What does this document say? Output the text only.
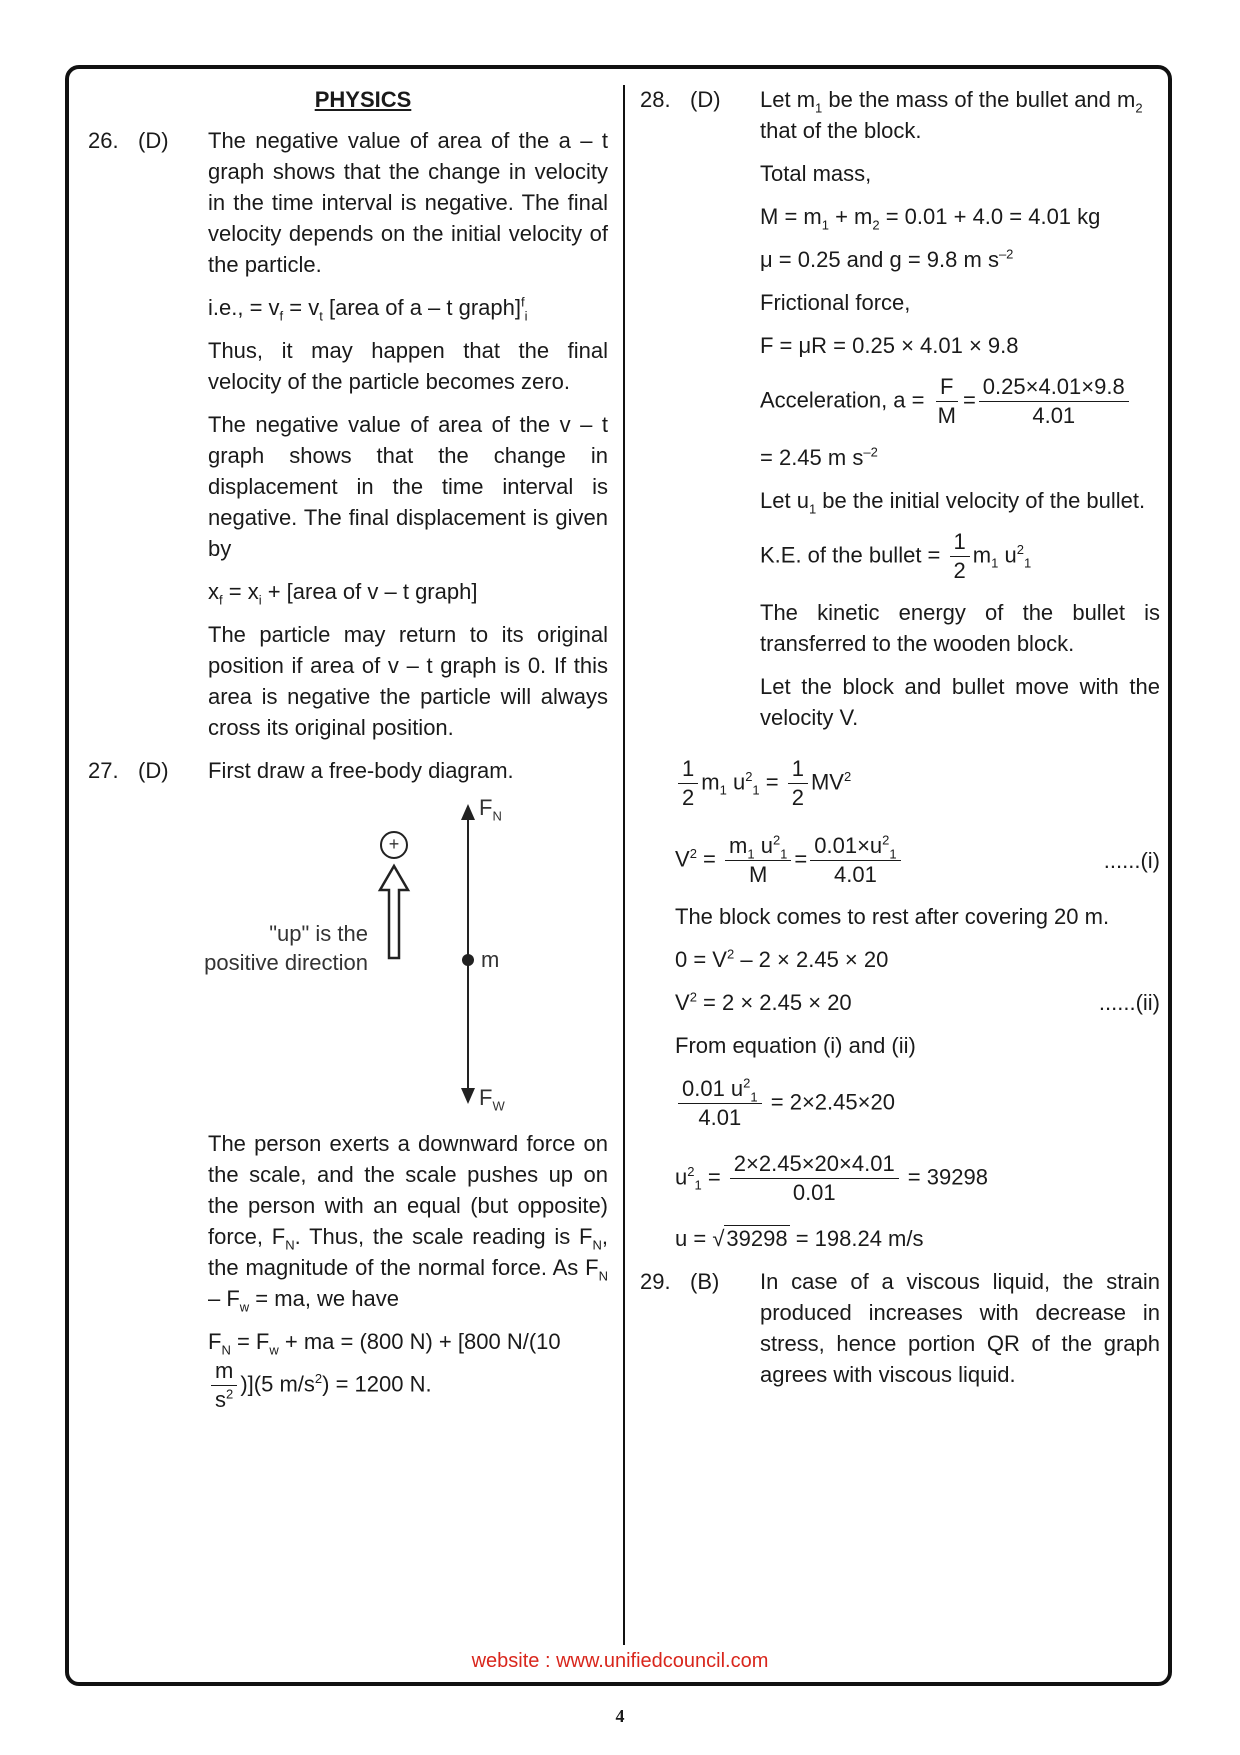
PHYSICS
26. (D)	The negative value of area of the a – t graph shows that the change in velocity in the time interval is negative. The final velocity depends on the initial velocity of the particle.

i.e., = $v_f = v_t$ [area of a – t graph]$^f_i$

Thus, it may happen that the final velocity of the particle becomes zero.

The negative value of area of the v – t graph shows that the change in displacement in the time interval is negative. The final displacement is given by

$x_f = x_i$ + [area of v – t graph]

The particle may return to its original position if area of v – t graph is 0. If this area is negative the particle will always cross its original position.

27. (D)	First draw a free-body diagram.
$F_N$
$F_W$
m
+
"up" is the
positive direction

The person exerts a downward force on the scale, and the scale pushes up on the person with an equal (but opposite) force, $F_N$. Thus, the scale reading is $F_N$, the magnitude of the normal force. As $F_N - F_w$ = ma, we have

$F_N = F_w$ + ma = (800 N) + [800 N/(10

$\frac{m}{s^2} )](5$ $m/s^2) = 1200$ N.

28. (D)	Let $m_1$ be the mass of the bullet and $m_2$
that of the block.

Total mass,

$M = m_1 + m_2 = 0.01 + 4.0 = 4.01$ kg

μ = 0.25 and g = 9.8 m $s^{-2}$

Frictional force,

F = μR = 0.25 × 4.01 × 9.8

Acceleration, $a = \frac{F}{M} = \frac{0.25\times 4.01\times 9.8}{4.01}$

= 2.45 m $s^{-2}$

Let $u_1$ be the initial velocity of the bullet.

K.E. of the bullet = $\frac{1}{2} m_1$ $u^2_1$

The kinetic energy of the bullet is transferred to the wooden block.

Let the block and bullet move with the velocity V.

$\frac{1}{2} m_1$ $u^2_1 = \frac{1}{2} MV^2$

$V^2 = \frac{m_1 u^2_1}{M} = \frac{0.01\times u^2_1}{4.01}$	......(i)

The block comes to rest after covering 20 m.

$0 = V^2 - 2 \times 2.45 \times 20$

$V^2 = 2 \times 2.45 \times 20$	......(ii)

From equation (i) and (ii)

$\frac{0.01 u^2_1}{4.01} = 2\times 2.45\times 20$

$u^2_1 = \frac{2\times 2.45\times 20\times 4.01}{0.01} = 39298$

u = √39298 = 198.24 m/s

29. (B)	In case of a viscous liquid, the strain produced increases with decrease in stress, hence portion QR of the graph agrees with viscous liquid.

website : www.unifiedcouncil.com
4
